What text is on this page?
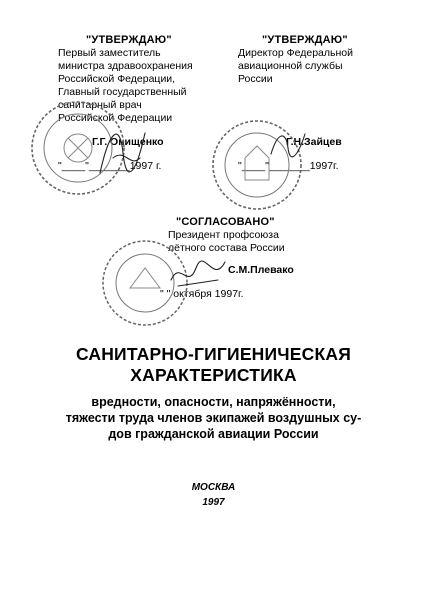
"УТВЕРЖДАЮ"
Первый заместитель
министра здравоохранения
Российской Федерации,
Главный государственный
санитарный врач
Российской Федерации
Г.Г. Онищенко
"____"_______1997 г.
"УТВЕРЖДАЮ"
Директор Федеральной
авиационной службы
России
Г.Н.Зайцев
"____"_______1997г.
"СОГЛАСОВАНО"
Президент профсоюза
лётного состава России
С.М.Плевако
" " октября 1997г.
САНИТАРНО-ГИГИЕНИЧЕСКАЯ
ХАРАКТЕРИСТИКА
вредности, опасности, напряжённости,
тяжести труда членов экипажей воздушных су-
дов гражданской авиации России
МОСКВА
1997
